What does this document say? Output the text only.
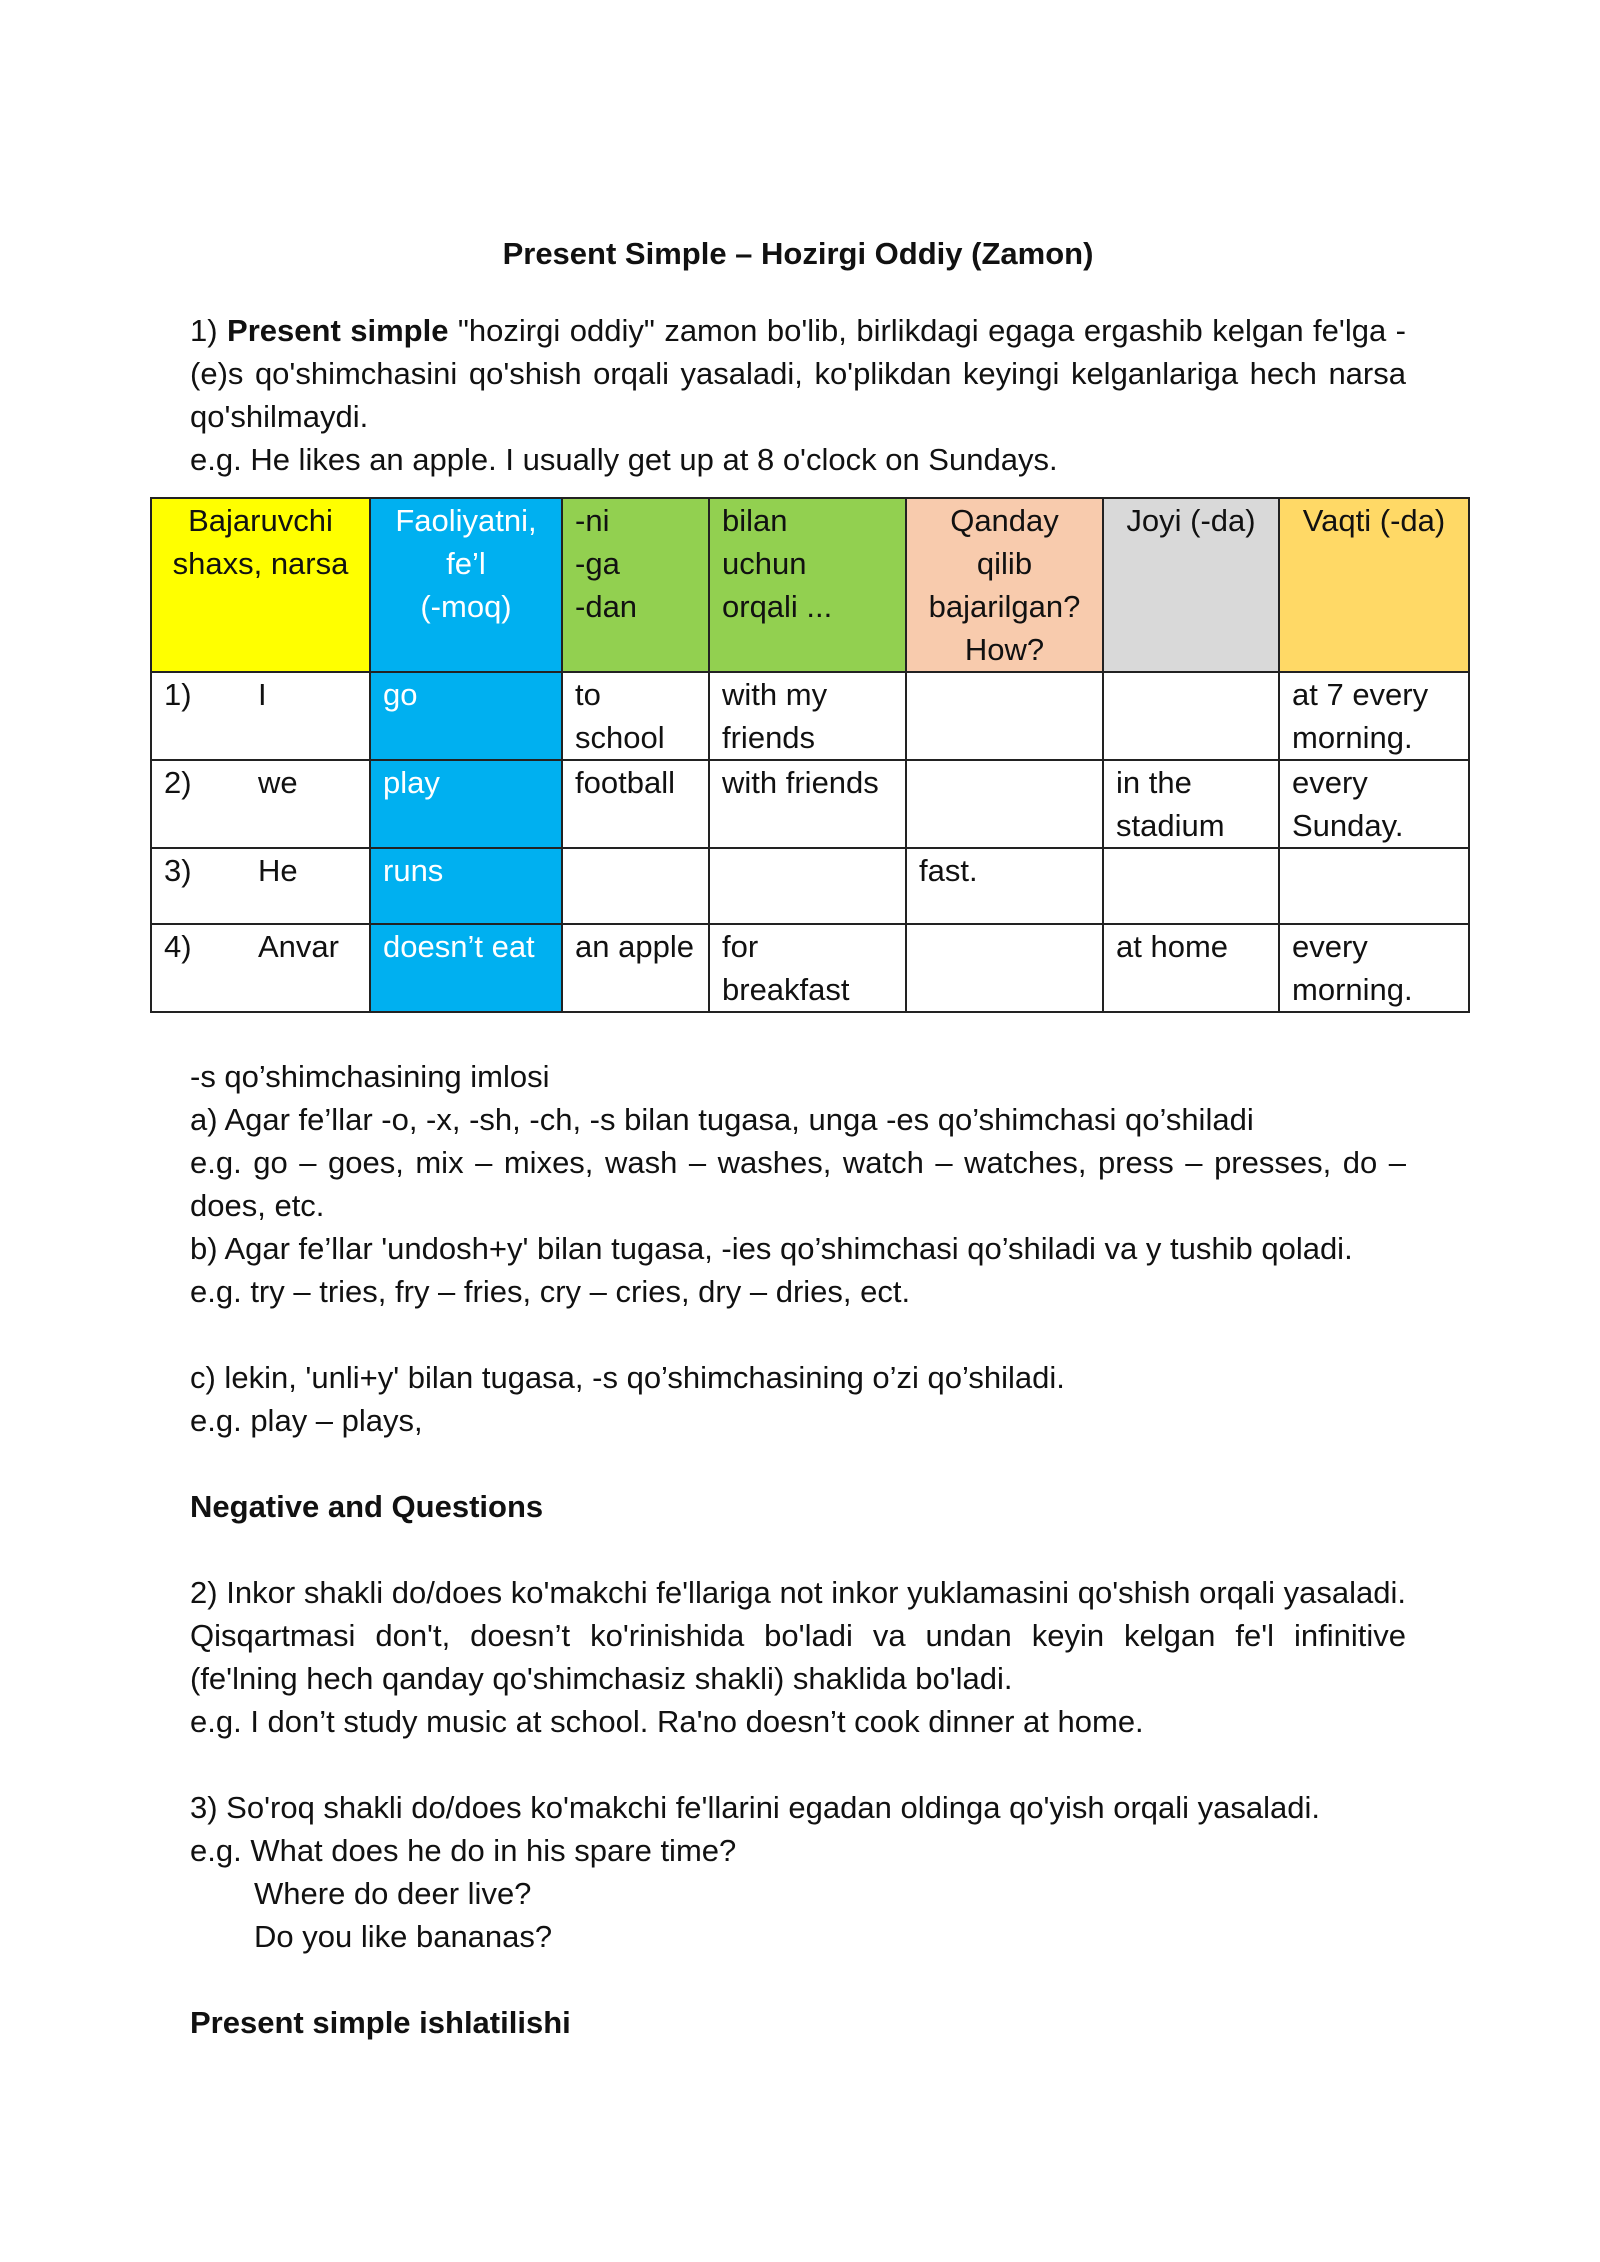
Present Simple – Hozirgi Oddiy (Zamon)

1) Present simple "hozirgi oddiy" zamon bo'lib, birlikdagi egaga ergashib kelgan fe'lga -(e)s qo'shimchasini qo'shish orqali yasaladi, ko'plikdan keyingi kelganlariga hech narsa qo'shilmaydi.

e.g. He likes an apple. I usually get up at 8 o'clock on Sundays.

Bajaruvchi
shaxs, narsa	Faoliyatni,
fe’l
(-moq)	-ni
-ga
-dan	bilan
uchun
orqali ...	Qanday
qilib
bajarilgan?
How?	Joyi (-da)	Vaqti (-da)
1) I	go	to school	with my friends			at 7 every morning.
2) we	play	football	with friends		in the stadium	every Sunday.
3) He	runs			fast.		
4) Anvar	doesn’t eat	an apple	for breakfast		at home	every morning.

-s qo’shimchasining imlosi

a) Agar fe’llar -o, -x, -sh, -ch, -s bilan tugasa, unga -es qo’shimchasi qo’shiladi

e.g. go – goes, mix – mixes, wash – washes, watch – watches, press – presses, do – does, etc.

b) Agar fe’llar 'undosh+y' bilan tugasa, -ies qo’shimchasi qo’shiladi va y tushib qoladi.

e.g. try – tries, fry – fries, cry – cries, dry – dries, ect.

c) lekin, 'unli+y' bilan tugasa, -s qo’shimchasining o’zi qo’shiladi.

e.g. play – plays,

Negative and Questions

2) Inkor shakli do/does ko'makchi fe'llariga not inkor yuklamasini qo'shish orqali yasaladi. Qisqartmasi don't, doesn’t ko'rinishida bo'ladi va undan keyin kelgan fe'l infinitive (fe'lning hech qanday qo'shimchasiz shakli) shaklida bo'ladi.

e.g. I don’t study music at school. Ra'no doesn’t cook dinner at home.

3) So'roq shakli do/does ko'makchi fe'llarini egadan oldinga qo'yish orqali yasaladi.

e.g. What does he do in his spare time?

Where do deer live?

Do you like bananas?

Present simple ishlatilishi
